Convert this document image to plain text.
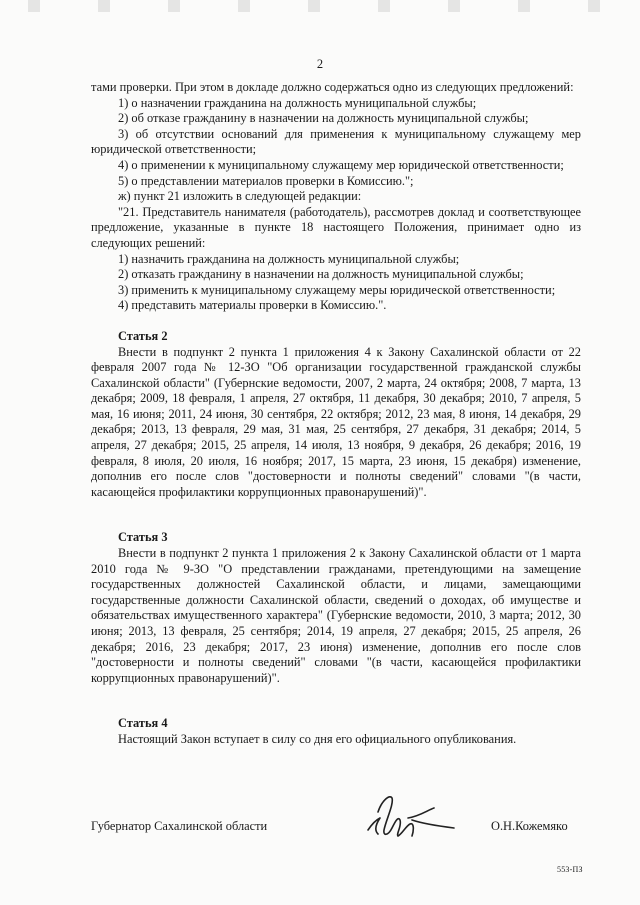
2
тами проверки. При этом в докладе должно содержаться одно из следующих предложений:
1) о назначении гражданина на должность муниципальной службы;
2) об отказе гражданину в назначении на должность муниципальной службы;
3) об отсутствии оснований для применения к муниципальному служащему мер юридической ответственности;
4) о применении к муниципальному служащему мер юридической ответственности;
5) о представлении материалов проверки в Комиссию.";
ж) пункт 21 изложить в следующей редакции:
"21. Представитель нанимателя (работодатель), рассмотрев доклад и соответствующее предложение, указанные в пункте 18 настоящего Положения, принимает одно из следующих решений:
1) назначить гражданина на должность муниципальной службы;
2) отказать гражданину в назначении на должность муниципальной службы;
3) применить к муниципальному служащему меры юридической ответственности;
4) представить материалы проверки в Комиссию.".
Статья 2
Внести в подпункт 2 пункта 1 приложения 4 к Закону Сахалинской области от 22 февраля 2007 года № 12-ЗО "Об организации государственной гражданской службы Сахалинской области" (Губернские ведомости, 2007, 2 марта, 24 октября; 2008, 7 марта, 13 декабря; 2009, 18 февраля, 1 апреля, 27 октября, 11 декабря, 30 декабря; 2010, 7 апреля, 5 мая, 16 июня; 2011, 24 июня, 30 сентября, 22 октября; 2012, 23 мая, 8 июня, 14 декабря, 29 декабря; 2013, 13 февраля, 29 мая, 31 мая, 25 сентября, 27 декабря, 31 декабря; 2014, 5 апреля, 27 декабря; 2015, 25 апреля, 14 июля, 13 ноября, 9 декабря, 26 декабря; 2016, 19 февраля, 8 июля, 20 июля, 16 ноября; 2017, 15 марта, 23 июня, 15 декабря) изменение, дополнив его после слов "достоверности и полноты сведений" словами "(в части, касающейся профилактики коррупционных правонарушений)".
Статья 3
Внести в подпункт 2 пункта 1 приложения 2 к Закону Сахалинской области от 1 марта 2010 года № 9-ЗО "О представлении гражданами, претендующими на замещение государственных должностей Сахалинской области, и лицами, замещающими государственные должности Сахалинской области, сведений о доходах, об имуществе и обязательствах имущественного характера" (Губернские ведомости, 2010, 3 марта; 2012, 30 июня; 2013, 13 февраля, 25 сентября; 2014, 19 апреля, 27 декабря; 2015, 25 апреля, 26 декабря; 2016, 23 декабря; 2017, 23 июня) изменение, дополнив его после слов "достоверности и полноты сведений" словами "(в части, касающейся профилактики коррупционных правонарушений)".
Статья 4
Настоящий Закон вступает в силу со дня его официального опубликования.
Губернатор Сахалинской области	О.Н.Кожемяко
553-ПЗ
